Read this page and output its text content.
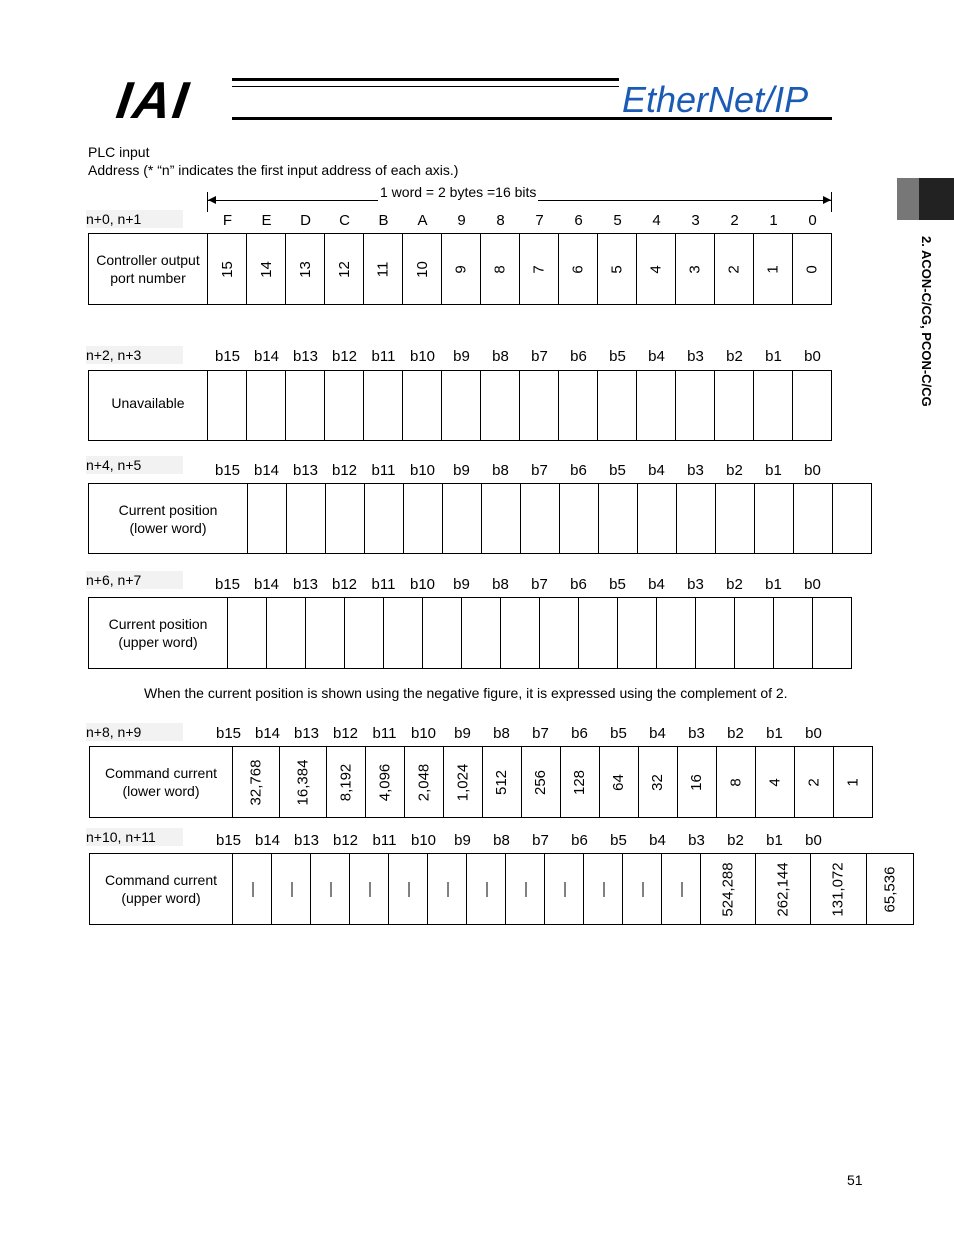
IAI	EtherNet/IP
2. ACON-C/CG, PCON-C/CG
PLC input
Address (* “n” indicates the first input address of each axis.)
1 word = 2 bytes =16 bits
n+0, n+1	F	E	D	C	B	A	9	8	7	6	5	4	3	2	1	0
Controller output port number	15	14	13	12	11	10	9	8	7	6	5	4	3	2	1	0
n+2, n+3	b15 b14 b13 b12 b11 b10	b9	b8	b7	b6	b5	b4	b3	b2	b1	b0
Unavailable																
n+4, n+5	b15 b14 b13 b12 b11 b10	b9	b8	b7	b6	b5	b4	b3	b2	b1	b0
Current position (lower word)																
n+6, n+7	b15 b14 b13 b12 b11 b10	b9	b8	b7	b6	b5	b4	b3	b2	b1	b0
Current position (upper word)																
When the current position is shown using the negative figure, it is expressed using the complement of 2.
n+8, n+9	b15 b14 b13 b12 b11 b10	b9	b8	b7	b6	b5	b4	b3	b2	b1	b0
Command current (lower word)	32,768	16,384	8,192	4,096	2,048	1,024	512	256	128	64	32	16	8	4	2	1
n+10, n+11	b15 b14 b13 b12 b11 b10	b9	b8	b7	b6	b5	b4	b3	b2	b1	b0
Command current (upper word)	—	—	—	—	—	—	—	—	—	—	—	—	524,288	262,144	131,072	65,536
51
